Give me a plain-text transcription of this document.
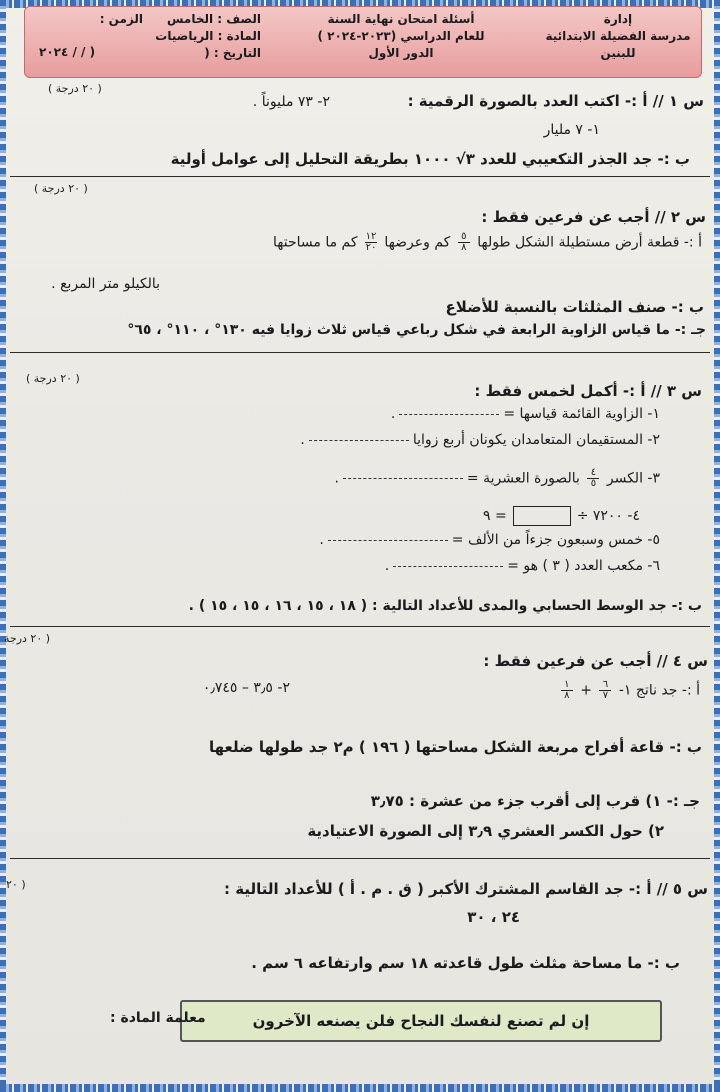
إدارة
مدرسة الفضيلة الابتدائية
للبنين
أسئلة امتحان نهاية السنة
للعام الدراسي (٢٠٢٣-٢٠٢٤ )
الدور الأول
الصف : الخامس
المادة : الرياضيات
التاريخ : (
الزمن :
٢٠٢٤ / / )
( ٢٠ درجة )
س ١ // أ :- اكتب العدد بالصورة الرقمية :
٢- ٧٣ مليوناً .
١- ٧ مليار
ب :- جد الجذر التكعيبي للعدد ٣√ ١٠٠٠ بطريقة التحليل إلى عوامل أولية
( ٢٠ درجة )
س ٢ // أجب عن فرعين فقط :
أ :- قطعة أرض مستطيلة الشكل طولها
$\frac{٥}{٨}$
كم وعرضها
$\frac{١٢}{٢٠}$
كم ما مساحتها
بالكيلو متر المربع .
ب :- صنف المثلثات بالنسبة للأضلاع
جـ :- ما قياس الزاوية الرابعة في شكل رباعي قياس ثلاث زوايا فيه ١٣٠° ، ١١٠° ، ٦٥°
( ٢٠ درجة )
س ٣ // أ :- أكمل لخمس فقط :
١- الزاوية القائمة قياسها =.
٢- المستقيمان المتعامدان يكونان أربع زوايا.
٣- الكسر
$\frac{٤}{٥}$
بالصورة العشرية =.
٤- ٧٢٠٠ ÷= ٩
٥- خمس وسبعون جزءاً من الألف =.
٦- مكعب العدد ( ٣ ) هو =.
ب :- جد الوسط الحسابي والمدى للأعداد التالية : ( ١٨ ، ١٥ ، ١٦ ، ١٥ ، ١٥ ) .
( ٢٠ درجة
س ٤ // أجب عن فرعين فقط :
أ :- جد ناتج ١-
$\frac{٦}{٧}$
+
$\frac{١}{٨}$
٢- ٣٫٥ – ٠٫٧٤٥
ب :- قاعة أفراح مربعة الشكل مساحتها ( ١٩٦ ) م٢ جد طولها ضلعها
جـ :- ١) قرب إلى أقرب جزء من عشرة : ٣٫٧٥
٢) حول الكسر العشري ٣٫٩ إلى الصورة الاعتيادية
( ٢٠	س ٥ // أ :- جد القاسم المشترك الأكبر ( ق . م . أ ) للأعداد التالية :
٢٤ ، ٣٠
ب :- ما مساحة مثلث طول قاعدته ١٨ سم وارتفاعه ٦ سم .
إن لم تصنع لنفسك النجاح فلن يصنعه الآخرون
معلمة المادة :
